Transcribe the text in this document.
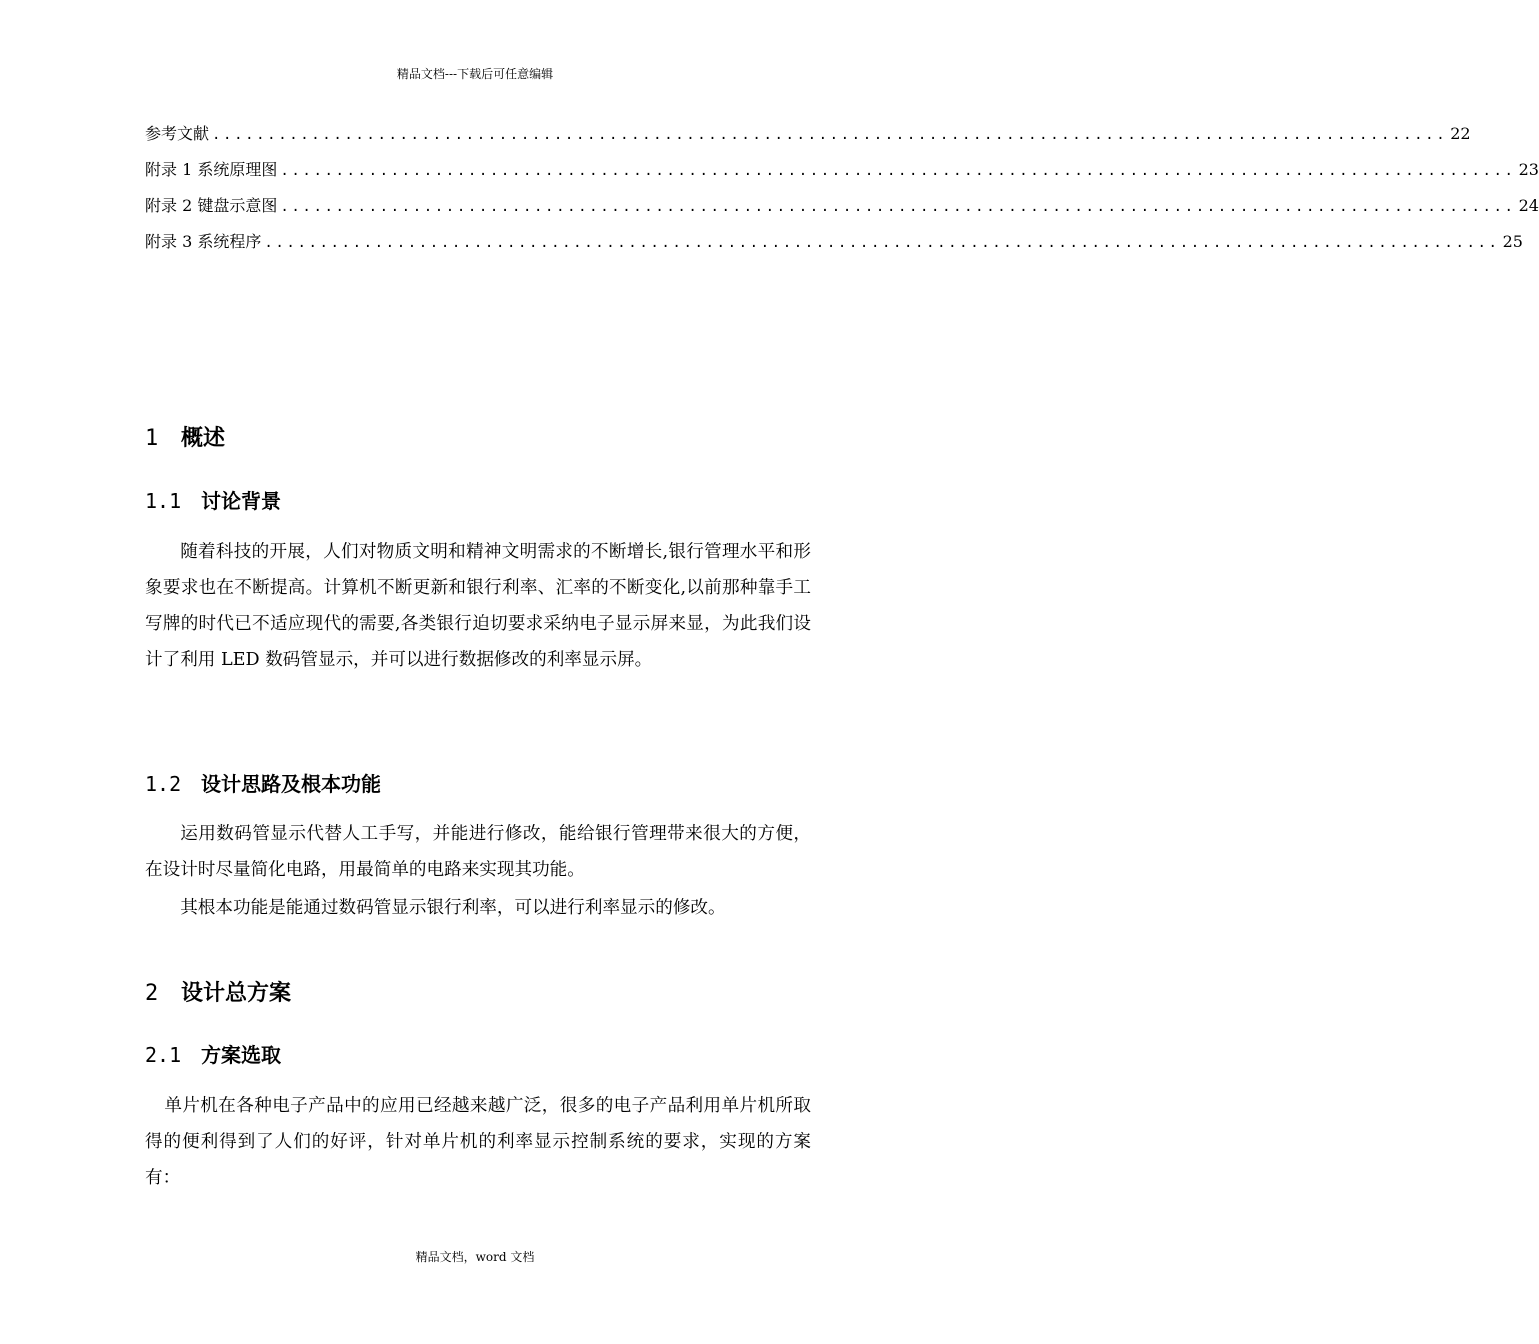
精品文档---下载后可任意编辑
参考文献 ................................................................................................................ 22
附录 1 系统原理图 ................................................................................................................ 23
附录 2 键盘示意图 ................................................................................................................ 24
附录 3 系统程序 ................................................................................................................ 25
1 概述
1.1 讨论背景

随着科技的开展，人们对物质文明和精神文明需求的不断增长,银行管理水平和形象要求也在不断提高。计算机不断更新和银行利率、汇率的不断变化,以前那种靠手工写牌的时代已不适应现代的需要,各类银行迫切要求采纳电子显示屏来显，为此我们设计了利用 LED 数码管显示，并可以进行数据修改的利率显示屏。

1.2 设计思路及根本功能

运用数码管显示代替人工手写，并能进行修改，能给银行管理带来很大的方便，在设计时尽量简化电路，用最简单的电路来实现其功能。

其根本功能是能通过数码管显示银行利率，可以进行利率显示的修改。

2 设计总方案
2.1 方案选取

单片机在各种电子产品中的应用已经越来越广泛，很多的电子产品利用单片机所取得的便利得到了人们的好评，针对单片机的利率显示控制系统的要求，实现的方案有：

精品文档，word 文档
